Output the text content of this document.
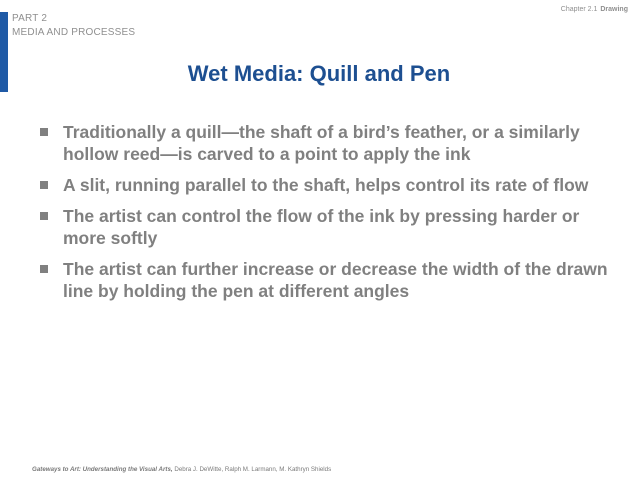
PART 2
MEDIA AND PROCESSES
Chapter 2.1 Drawing
Wet Media: Quill and Pen
Traditionally a quill—the shaft of a bird’s feather, or a similarly hollow reed—is carved to a point to apply the ink
A slit, running parallel to the shaft, helps control its rate of flow
The artist can control the flow of the ink by pressing harder or more softly
The artist can further increase or decrease the width of the drawn line by holding the pen at different angles
Gateways to Art: Understanding the Visual Arts, Debra J. DeWitte, Ralph M. Larmann, M. Kathryn Shields
